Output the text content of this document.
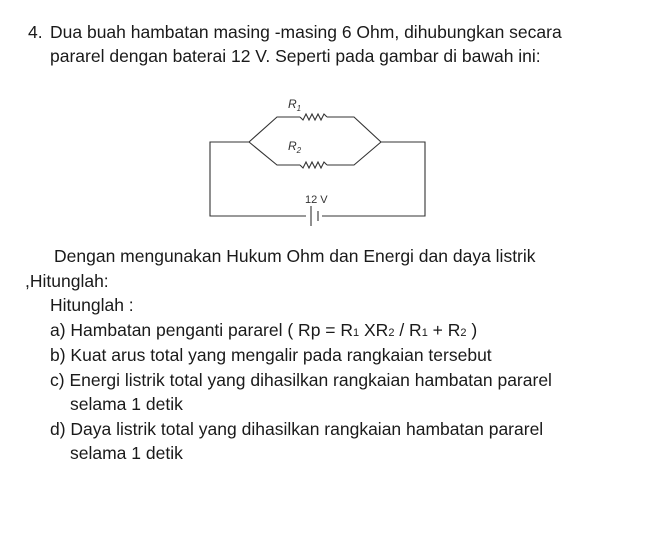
4. Dua buah hambatan masing -masing 6 Ohm, dihubungkan secara
pararel dengan baterai 12 V. Seperti pada gambar di bawah ini:
$R_1$
$R_2$
12 V
Dengan mengunakan Hukum Ohm dan Energi dan daya listrik
,Hitunglah:
Hitunglah :
a) Hambatan penganti pararel ( Rp = R1 XR2 / R1 + R2 )
b) Kuat arus total yang mengalir pada rangkaian tersebut
c) Energi listrik total yang dihasilkan rangkaian hambatan pararel
selama 1 detik
d) Daya listrik total yang dihasilkan rangkaian hambatan pararel
selama 1 detik
